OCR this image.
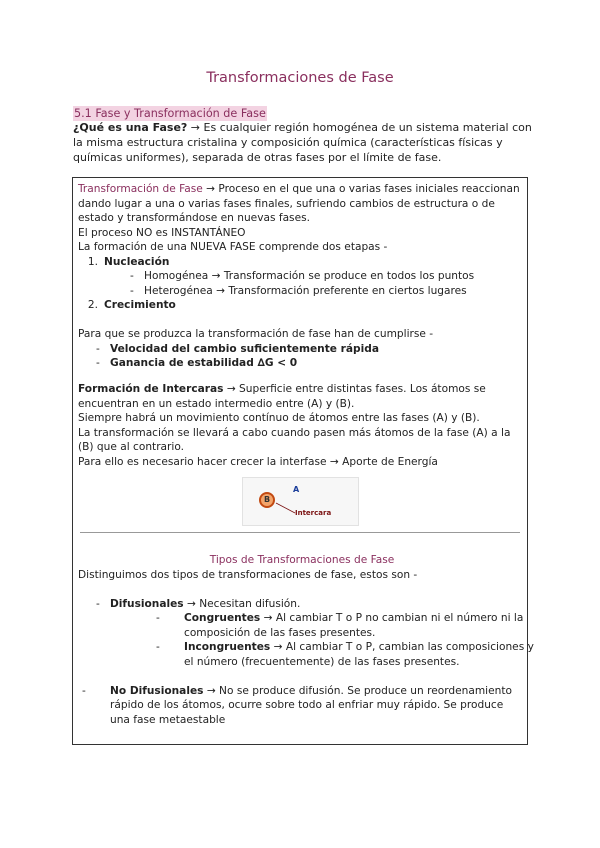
Transformaciones de Fase
5.1 Fase y Transformación de Fase
¿Qué es una Fase? → Es cualquier región homogénea de un sistema material con la misma estructura cristalina y composición química (características físicas y químicas uniformes), separada de otras fases por el límite de fase.
Transformación de Fase → Proceso en el que una o varias fases iniciales reaccionan dando lugar a una o varias fases finales, sufriendo cambios de estructura o de estado y transformándose en nuevas fases.
El proceso NO es INSTANTÁNEO
La formación de una NUEVA FASE comprende dos etapas -
1. Nucleación
- Homogénea → Transformación se produce en todos los puntos
- Heterogénea → Transformación preferente en ciertos lugares
2. Crecimiento
Para que se produzca la transformación de fase han de cumplirse -
- Velocidad del cambio suficientemente rápida
- Ganancia de estabilidad ∆G < 0
Formación de Intercaras → Superficie entre distintas fases. Los átomos se encuentran en un estado intermedio entre (A) y (B).
Siempre habrá un movimiento contínuo de átomos entre las fases (A) y (B).
La transformación se llevará a cabo cuando pasen más átomos de la fase (A) a la (B) que al contrario.
Para ello es necesario hacer crecer la interfase → Aporte de Energía
B
A
Intercara
Tipos de Transformaciones de Fase
Distinguimos dos tipos de transformaciones de fase, estos son -
- Difusionales → Necesitan difusión.
- Congruentes → Al cambiar T o P no cambian ni el número ni la composición de las fases presentes.
- Incongruentes → Al cambiar T o P, cambian las composiciones y el número (frecuentemente) de las fases presentes.
- No Difusionales → No se produce difusión. Se produce un reordenamiento rápido de los átomos, ocurre sobre todo al enfriar muy rápido. Se produce una fase metaestable
